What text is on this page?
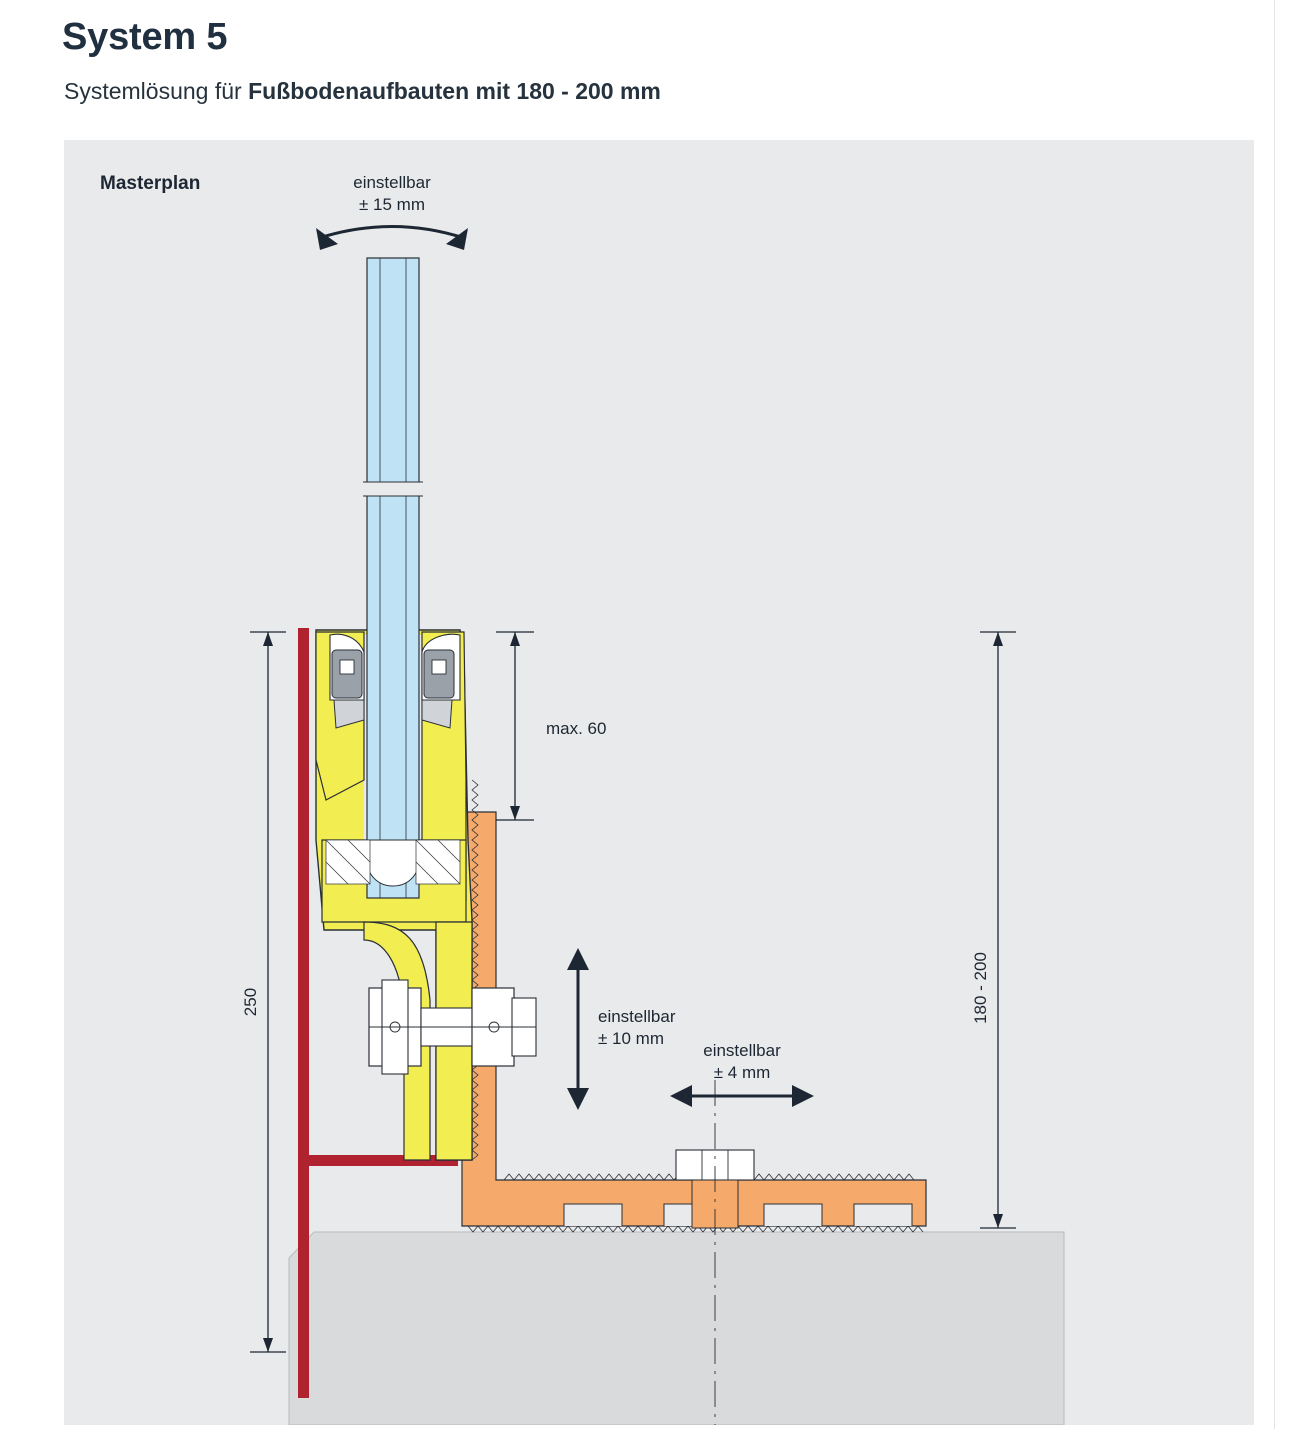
System 5
Systemlösung für Fußbodenaufbauten mit 180 - 200 mm
Masterplan	einstellbar
± 15 mm
max. 60
einstellbar
± 10 mm
einstellbar
± 4 mm
250	180 - 200
